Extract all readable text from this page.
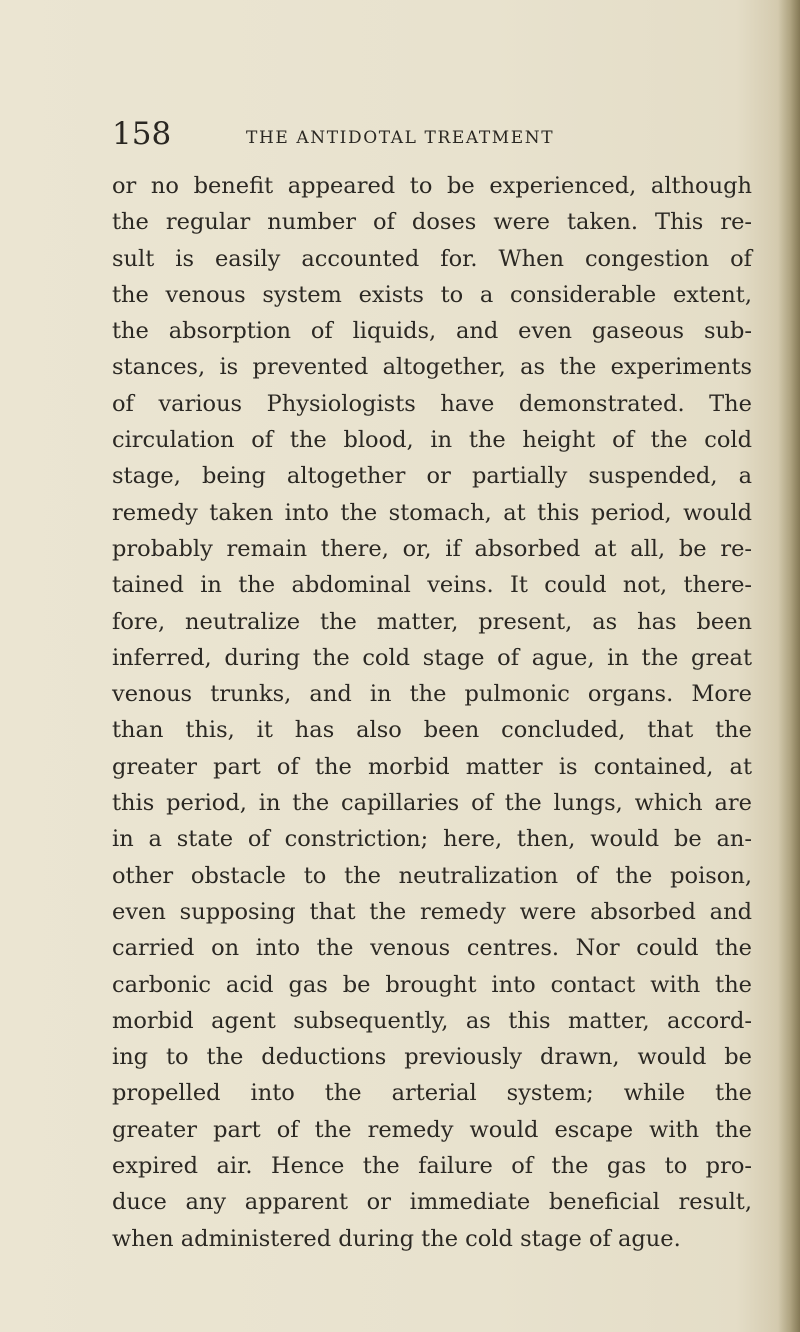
158	THE ANTIDOTAL TREATMENT
or no benefit appeared to be experienced, although
the regular number of doses were taken. This re-
sult is easily accounted for. When congestion of
the venous system exists to a considerable extent,
the absorption of liquids, and even gaseous sub-
stances, is prevented altogether, as the experiments
of various Physiologists have demonstrated. The
circulation of the blood, in the height of the cold
stage, being altogether or partially suspended, a
remedy taken into the stomach, at this period, would
probably remain there, or, if absorbed at all, be re-
tained in the abdominal veins. It could not, there-
fore, neutralize the matter, present, as has been
inferred, during the cold stage of ague, in the great
venous trunks, and in the pulmonic organs. More
than this, it has also been concluded, that the
greater part of the morbid matter is contained, at
this period, in the capillaries of the lungs, which are
in a state of constriction; here, then, would be an-
other obstacle to the neutralization of the poison,
even supposing that the remedy were absorbed and
carried on into the venous centres. Nor could the
carbonic acid gas be brought into contact with the
morbid agent subsequently, as this matter, accord-
ing to the deductions previously drawn, would be
propelled into the arterial system; while the
greater part of the remedy would escape with the
expired air. Hence the failure of the gas to pro-
duce any apparent or immediate beneficial result,
when administered during the cold stage of ague.
